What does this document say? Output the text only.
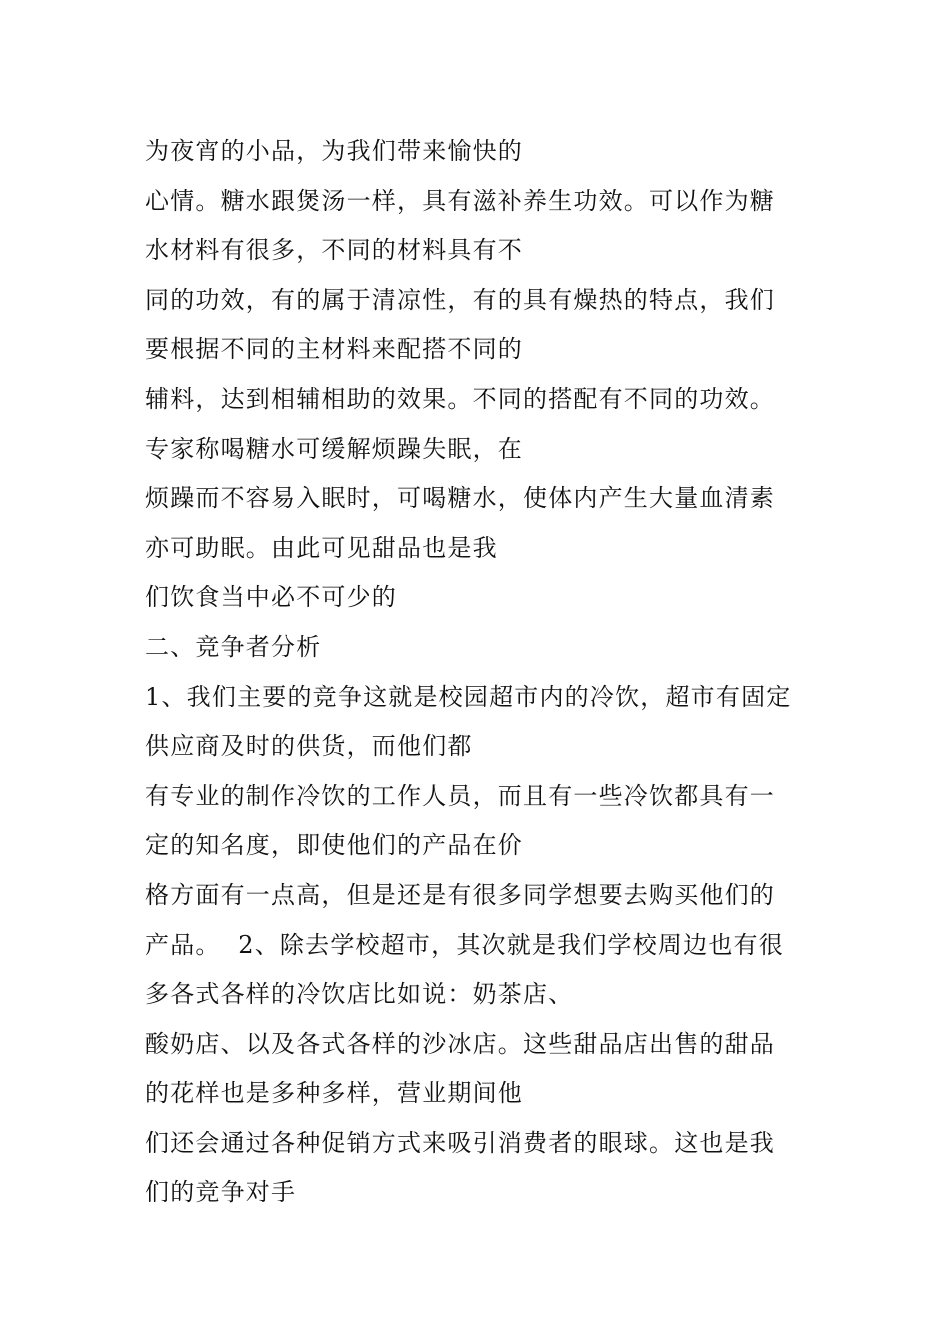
为夜宵的小品，为我们带来愉快的
心情。糖水跟煲汤一样，具有滋补养生功效。可以作为糖
水材料有很多，不同的材料具有不
同的功效，有的属于清凉性，有的具有燥热的特点，我们
要根据不同的主材料来配搭不同的
辅料，达到相辅相助的效果。不同的搭配有不同的功效。
专家称喝糖水可缓解烦躁失眠，在
烦躁而不容易入眠时，可喝糖水，使体内产生大量血清素
亦可助眠。由此可见甜品也是我
们饮食当中必不可少的
二、竞争者分析
1、我们主要的竞争这就是校园超市内的冷饮，超市有固定
供应商及时的供货，而他们都
有专业的制作冷饮的工作人员，而且有一些冷饮都具有一
定的知名度，即使他们的产品在价
格方面有一点高，但是还是有很多同学想要去购买他们的
产品。  2、除去学校超市，其次就是我们学校周边也有很
多各式各样的冷饮店比如说：奶茶店、
酸奶店、以及各式各样的沙冰店。这些甜品店出售的甜品
的花样也是多种多样，营业期间他
们还会通过各种促销方式来吸引消费者的眼球。这也是我
们的竞争对手
